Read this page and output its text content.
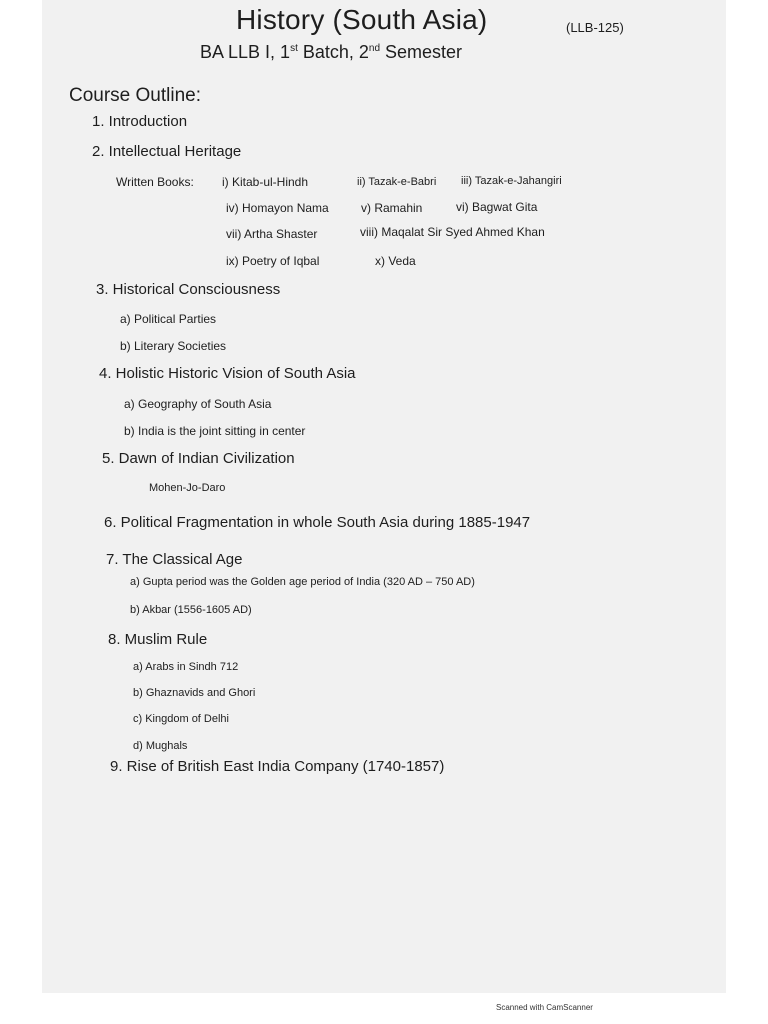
History (South Asia)	(LLB-125)
BA LLB I, 1st Batch, 2nd Semester
Course Outline:
1. Introduction
2. Intellectual Heritage
Written Books: i) Kitab-ul-Hindh	ii) Tazak-e-Babri iii) Tazak-e-Jahangiri
iv) Homayon Nama	v) Ramahin	vi) Bagwat Gita
vii) Artha Shaster	viii) Maqalat Sir Syed Ahmed Khan
ix) Poetry of Iqbal	x) Veda
3. Historical Consciousness
a) Political Parties
b) Literary Societies
4. Holistic Historic Vision of South Asia
a) Geography of South Asia
b) India is the joint sitting in center
5. Dawn of Indian Civilization
Mohen-Jo-Daro
6. Political Fragmentation in whole South Asia during 1885-1947
7. The Classical Age
a) Gupta period was the Golden age period of India (320 AD – 750 AD)
b) Akbar (1556-1605 AD)
8. Muslim Rule
a) Arabs in Sindh 712
b) Ghaznavids and Ghori
c) Kingdom of Delhi
d) Mughals
9. Rise of British East India Company (1740-1857)
Scanned with CamScanner
